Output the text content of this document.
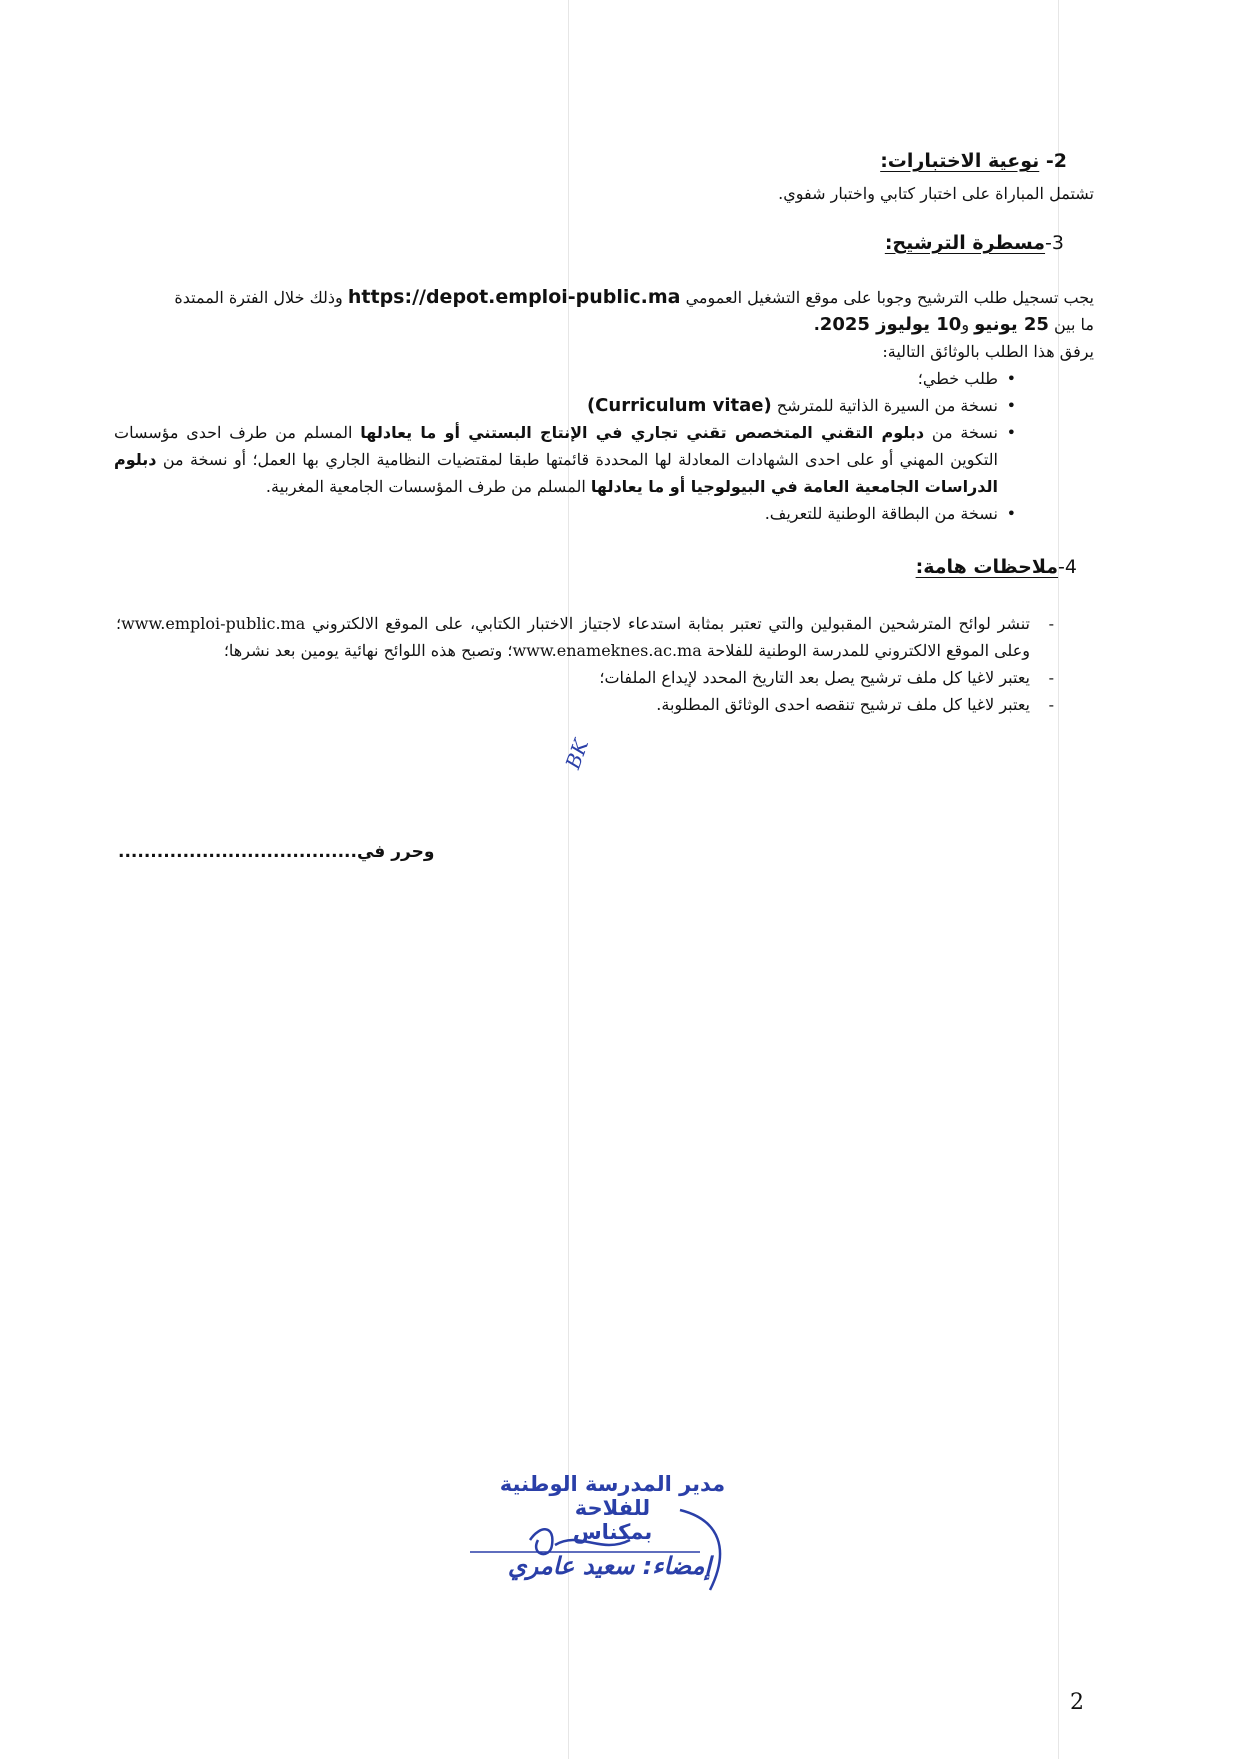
2- نوعية الاختبارات:
تشتمل المباراة على اختبار كتابي واختبار شفوي.
3-مسطرة الترشيح:
يجب تسجيل طلب الترشيح وجوبا على موقع التشغيل العمومي https://depot.emploi-public.ma وذلك خلال الفترة الممتدة
ما بين 25 يونيو و10 يوليوز 2025.
يرفق هذا الطلب بالوثائق التالية:
• طلب خطي؛
• نسخة من السيرة الذاتية للمترشح (Curriculum vitae)
• نسخة من دبلوم التقني المتخصص تقني تجاري في الإنتاج البستني أو ما يعادلها المسلم من طرف احدى مؤسسات التكوين المهني أو على احدى الشهادات المعادلة لها المحددة قائمتها طبقا لمقتضيات النظامية الجاري بها العمل؛ أو نسخة من دبلوم الدراسات الجامعية العامة في البيولوجيا أو ما يعادلها المسلم من طرف المؤسسات الجامعية المغربية.
• نسخة من البطاقة الوطنية للتعريف.
4-ملاحظات هامة:
- تنشر لوائح المترشحين المقبولين والتي تعتبر بمثابة استدعاء لاجتياز الاختبار الكتابي، على الموقع الالكتروني www.emploi-public.ma؛ وعلى الموقع الالكتروني للمدرسة الوطنية للفلاحة www.enameknes.ac.ma؛ وتصبح هذه اللوائح نهائية يومين بعد نشرها؛
- يعتبر لاغيا كل ملف ترشيح يصل بعد التاريخ المحدد لإيداع الملفات؛
- يعتبر لاغيا كل ملف ترشيح تنقصه احدى الوثائق المطلوبة.
BK
وحرر في.....................................
مدير المدرسة الوطنية للفلاحة
بمكناس
إمضاء: سعيد عامري
2
